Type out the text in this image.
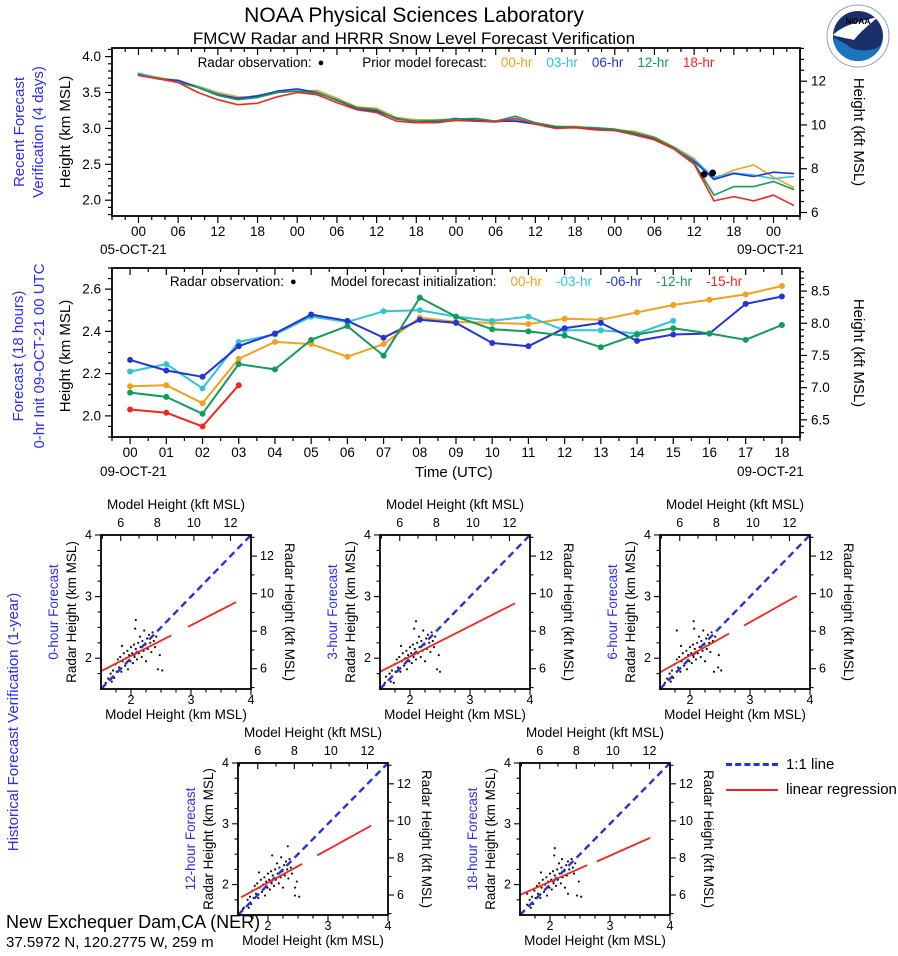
NOAA Physical Sciences Laboratory
FMCW Radar and HRRR Snow Level Forecast Verification
NOAA
Recent Forecast Verification (4 days) Height (km MSL)	Height (kft MSL)
Radar observation: ●	Prior model forecast: 00-hr 03-hr 06-hr 12-hr 18-hr
00 06 12 18 00 06 12 18 00 06 12 18 00 06 12 18 00
2.0
2.5
3.0
3.5
4.0
6
8
10
12
05-OCT-21	09-OCT-21
Forecast (18 hours) 0-hr Init 09-OCT-21 00 UTC Height (km MSL)	Height (kft MSL)
Radar observation: ●	Model forecast initialization: 00-hr -03-hr -06-hr -12-hr -15-hr
00 01 02 03 04 05 06 07 08 09 10 11 12 13 14 15 16 17 18
2.0
2.2
2.4
2.6
6.5
7.0
7.5
8.0
8.5
09-OCT-21	Time (UTC)	09-OCT-21
Historical Forecast Verification (1-year)
Model Height (kft MSL)
0-hour Forecast Radar Height (km MSL)	Radar Height (kft MSL)
Model Height (km MSL)
2
2
3
3
4
4
6
6
8
8
10
10
12
12
Model Height (kft MSL)
3-hour Forecast Radar Height (km MSL)	Radar Height (kft MSL)
Model Height (km MSL)
2
2
3
3
4
4
6
6
8
8
10
10
12
12
Model Height (kft MSL)
6-hour Forecast Radar Height (km MSL)	Radar Height (kft MSL)
Model Height (km MSL)
2
2
3
3
4
4
6
6
8
8
10
10
12
12
Model Height (kft MSL)
12-hour Forecast Radar Height (km MSL)	Radar Height (kft MSL)
Model Height (km MSL)
2
2
3
3
4
4
6
6
8
8
10
10
12
12
Model Height (kft MSL)
18-hour Forecast Radar Height (km MSL)	Radar Height (kft MSL)
Model Height (km MSL)
2
2
3
3
4
4
6
6
8
8
10
10
12
12
1:1 line
linear regression
New Exchequer Dam,CA (NER)
37.5972 N, 120.2775 W, 259 m
